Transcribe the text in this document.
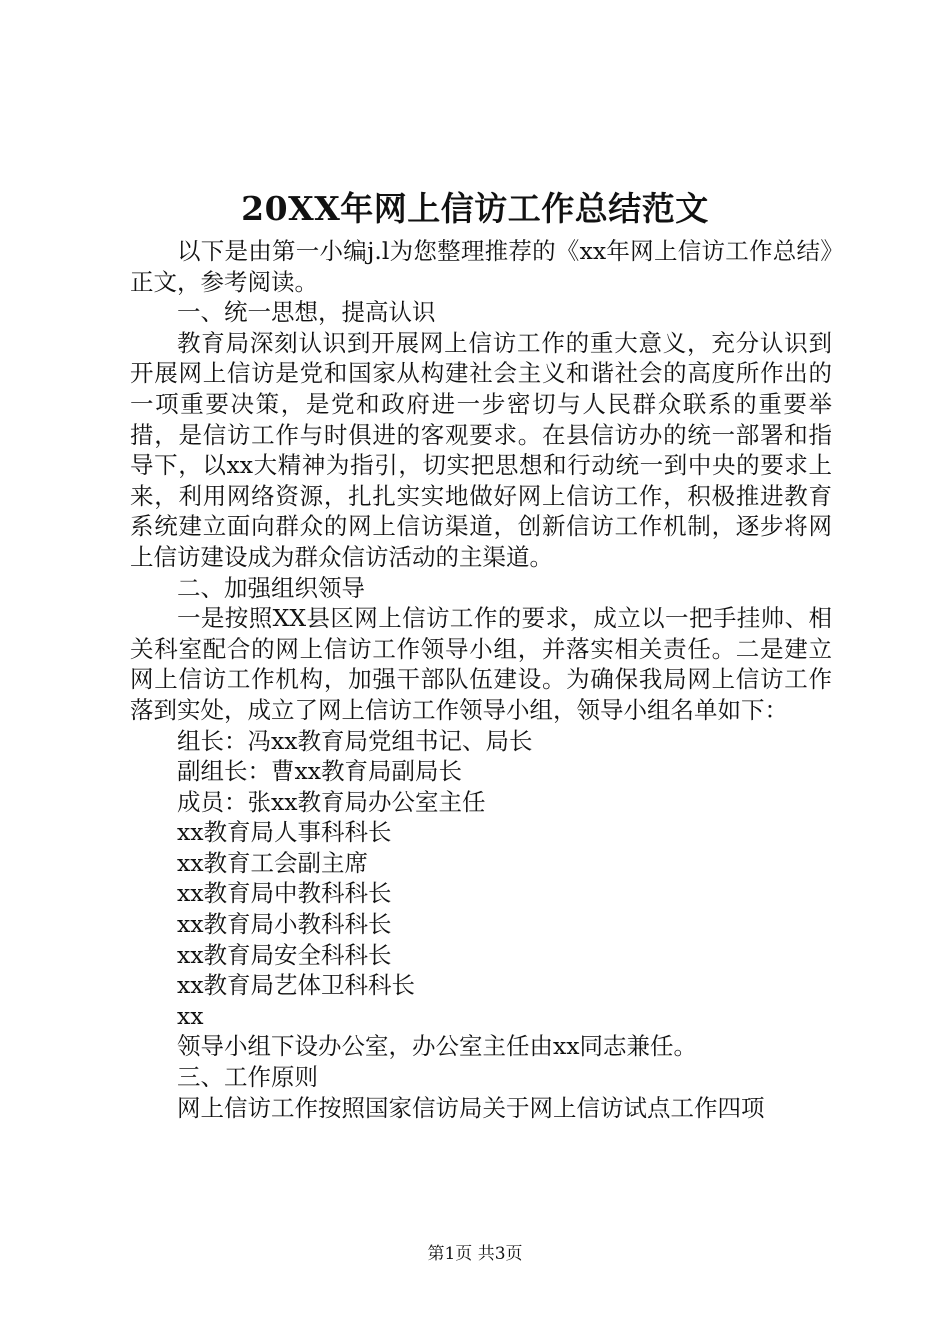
20XX年网上信访工作总结范文

以下是由第一小编j.l为您整理推荐的《xx年网上信访工作总结》正文，参考阅读。

一、统一思想，提高认识

教育局深刻认识到开展网上信访工作的重大意义，充分认识到开展网上信访是党和国家从构建社会主义和谐社会的高度所作出的一项重要决策，是党和政府进一步密切与人民群众联系的重要举措，是信访工作与时俱进的客观要求。在县信访办的统一部署和指导下，以xx大精神为指引，切实把思想和行动统一到中央的要求上来，利用网络资源，扎扎实实地做好网上信访工作，积极推进教育系统建立面向群众的网上信访渠道，创新信访工作机制，逐步将网上信访建设成为群众信访活动的主渠道。

二、加强组织领导

一是按照XX县区网上信访工作的要求，成立以一把手挂帅、相关科室配合的网上信访工作领导小组，并落实相关责任。二是建立网上信访工作机构，加强干部队伍建设。为确保我局网上信访工作落到实处，成立了网上信访工作领导小组，领导小组名单如下：

组长：冯xx教育局党组书记、局长

副组长：曹xx教育局副局长

成员：张xx教育局办公室主任

xx教育局人事科科长

xx教育工会副主席

xx教育局中教科科长

xx教育局小教科科长

xx教育局安全科科长

xx教育局艺体卫科科长

xx

领导小组下设办公室，办公室主任由xx同志兼任。

三、工作原则

网上信访工作按照国家信访局关于网上信访试点工作四项

第1页 共3页
